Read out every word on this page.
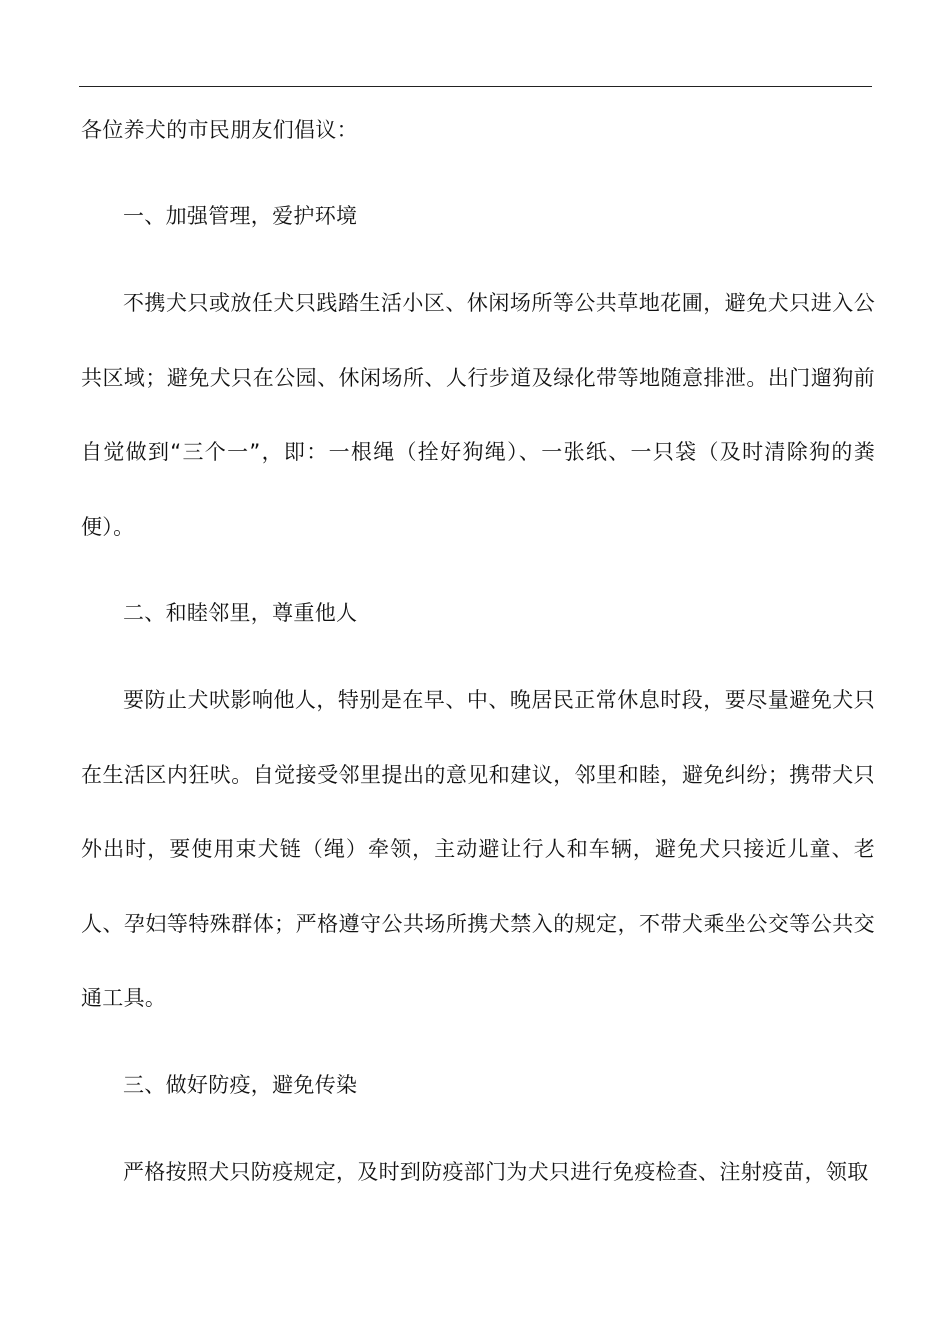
各位养犬的市民朋友们倡议：

一、加强管理，爱护环境

不携犬只或放任犬只践踏生活小区、休闲场所等公共草地花圃，避免犬只进入公共区域；避免犬只在公园、休闲场所、人行步道及绿化带等地随意排泄。出门遛狗前自觉做到“三个一”，即：一根绳（拴好狗绳）、一张纸、一只袋（及时清除狗的粪便）。

二、和睦邻里，尊重他人

要防止犬吠影响他人，特别是在早、中、晚居民正常休息时段，要尽量避免犬只在生活区内狂吠。自觉接受邻里提出的意见和建议，邻里和睦，避免纠纷；携带犬只外出时，要使用束犬链（绳）牵领，主动避让行人和车辆，避免犬只接近儿童、老人、孕妇等特殊群体；严格遵守公共场所携犬禁入的规定，不带犬乘坐公交等公共交通工具。

三、做好防疫，避免传染

严格按照犬只防疫规定，及时到防疫部门为犬只进行免疫检查、注射疫苗，领取
